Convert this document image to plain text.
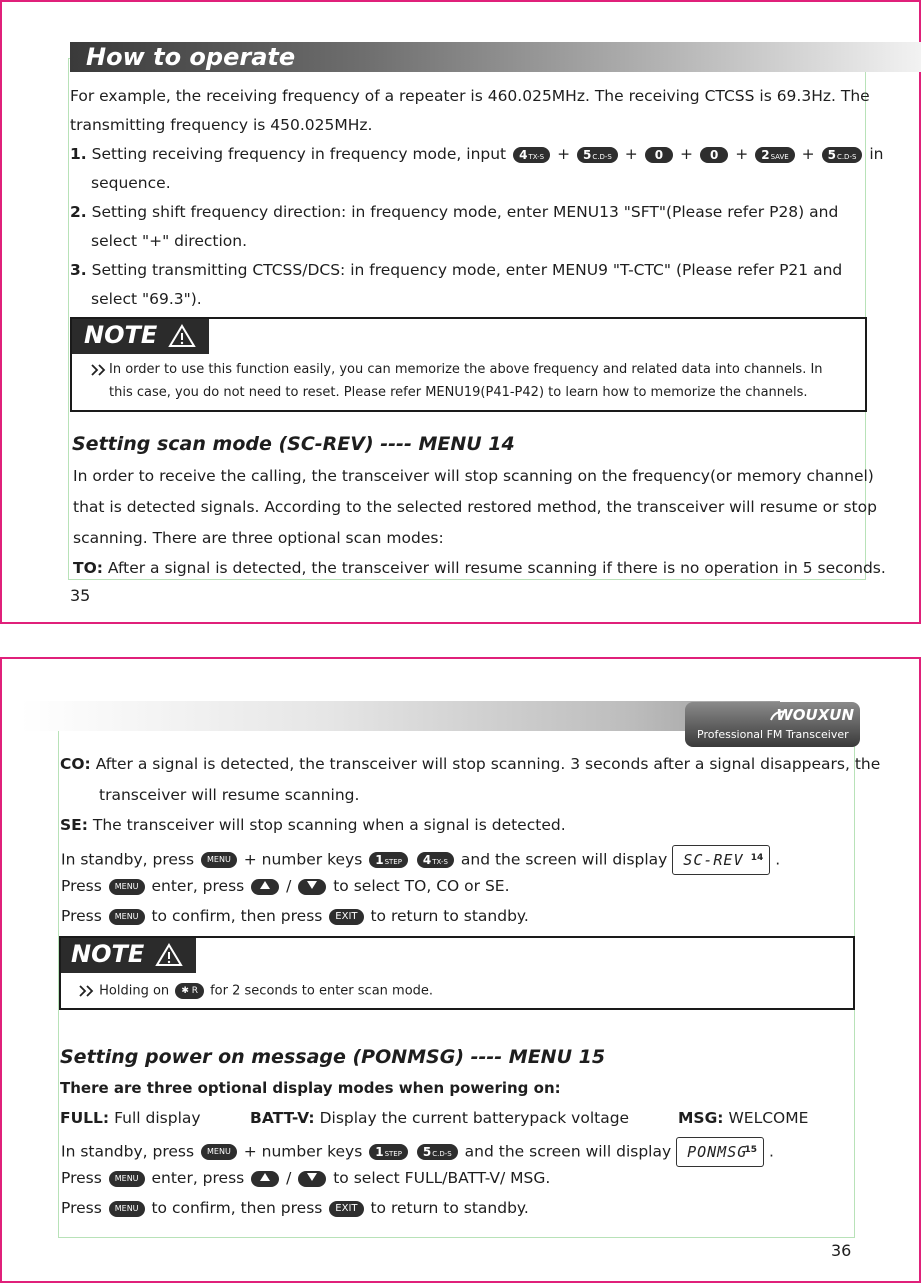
How to operate
For example, the receiving frequency of a repeater is 460.025MHz. The receiving CTCSS is 69.3Hz. The
transmitting frequency is 450.025MHz.
1. Setting receiving frequency in frequency mode, input 4TX-S + 5C.D-S + 0 + 0 + 2SAVE + 5C.D-S in
sequence.
2. Setting shift frequency direction: in frequency mode, enter MENU13 "SFT"(Please refer P28) and
select "+" direction.
3. Setting transmitting CTCSS/DCS: in frequency mode, enter MENU9 "T-CTC" (Please refer P21 and
select "69.3").
NOTE
In order to use this function easily, you can memorize the above frequency and related data into channels. In
this case, you do not need to reset. Please refer MENU19(P41-P42) to learn how to memorize the channels.
Setting scan mode (SC-REV) ---- MENU 14
In order to receive the calling, the transceiver will stop scanning on the frequency(or memory channel)
that is detected signals. According to the selected restored method, the transceiver will resume or stop
scanning. There are three optional scan modes:
TO: After a signal is detected, the transceiver will resume scanning if there is no operation in 5 seconds.
35
WOUXUN
Professional FM Transceiver
CO: After a signal is detected, the transceiver will stop scanning. 3 seconds after a signal disappears, the
transceiver will resume scanning.
SE: The transceiver will stop scanning when a signal is detected.
In standby, press MENU + number keys 1STEP 4TX-S and the screen will display SC-REV 14 .
Press MENU enter, press	/	to select TO, CO or SE.
Press MENU to confirm, then press EXIT to return to standby.
NOTE
Holding on ✱ R for 2 seconds to enter scan mode.
Setting power on message (PONMSG) ---- MENU 15
There are three optional display modes when powering on:
FULL: Full display	BATT-V: Display the current batterypack voltage	MSG: WELCOME
In standby, press MENU + number keys 1STEP 5C.D-S and the screen will display PONMSG
15 .
Press MENU enter, press	/	to select FULL/BATT-V/ MSG.
Press MENU to confirm, then press EXIT to return to standby.
36
